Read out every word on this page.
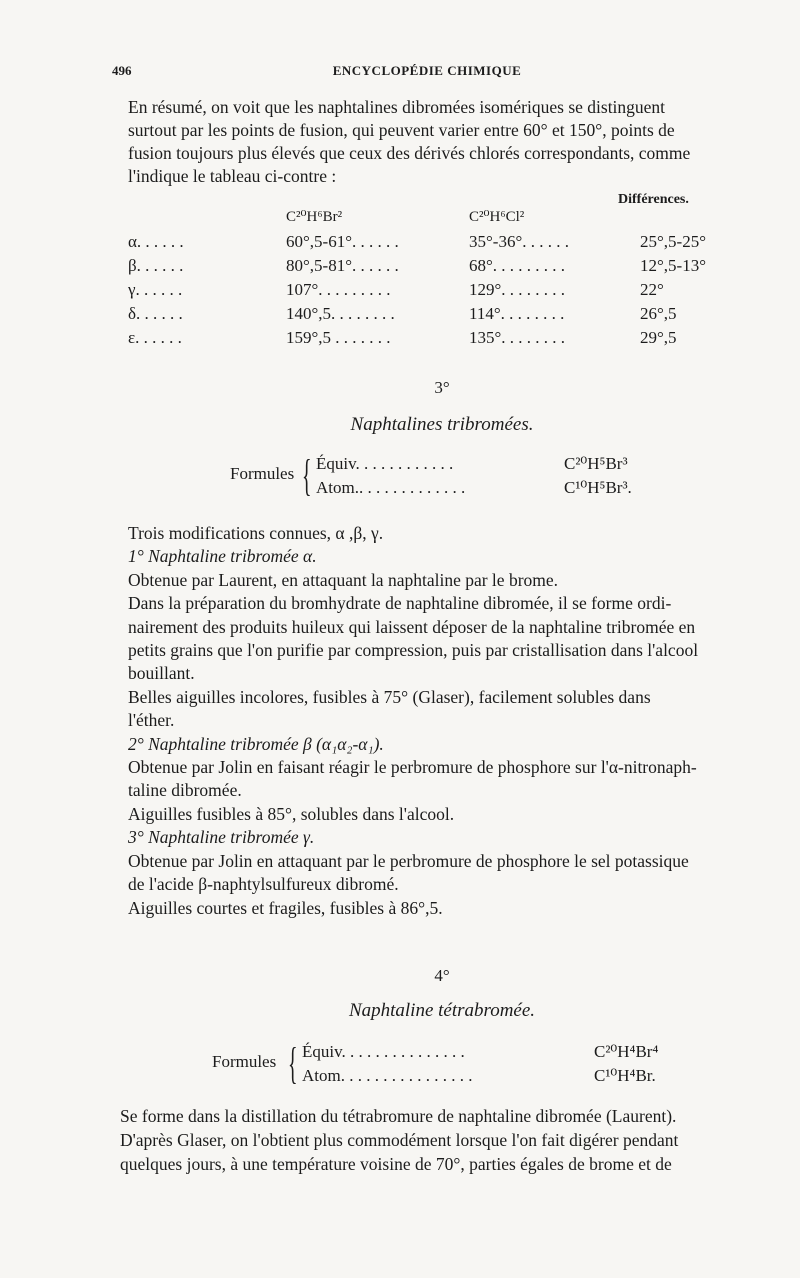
496	ENCYCLOPÉDIE CHIMIQUE
En résumé, on voit que les naphtalines dibromées isomériques se distinguent
surtout par les points de fusion, qui peuvent varier entre 60° et 150°, points de
fusion toujours plus élevés que ceux des dérivés chlorés correspondants, comme
l'indique le tableau ci-contre :
Différences.
C²⁰H⁶Br²	C²⁰H⁶Cl²
α. . . . . .	60°,5-61°. . . . . .	35°-36°. . . . . .	25°,5-25°
β. . . . . .	80°,5-81°. . . . . .	68°. . . . . . . . .	12°,5-13°
γ. . . . . .	107°. . . . . . . . .	129°. . . . . . . .	22°
δ. . . . . .	140°,5. . . . . . . .	114°. . . . . . . .	26°,5
ε. . . . . .	159°,5 . . . . . . .	135°. . . . . . . .	29°,5
3°
Naphtalines tribromées.
Formules { Équiv. . . . . . . . . . . .	C²⁰H⁵Br³
Atom.. . . . . . . . . . . . .	C¹⁰H⁵Br³.
Trois modifications connues, α ,β, γ.
1° Naphtaline tribromée α.
Obtenue par Laurent, en attaquant la naphtaline par le brome.
Dans la préparation du bromhydrate de naphtaline dibromée, il se forme ordi-
nairement des produits huileux qui laissent déposer de la naphtaline tribromée en
petits grains que l'on purifie par compression, puis par cristallisation dans l'alcool
bouillant.
Belles aiguilles incolores, fusibles à 75° (Glaser), facilement solubles dans
l'éther.
2° Naphtaline tribromée β (α₁α₂-α₁).
Obtenue par Jolin en faisant réagir le perbromure de phosphore sur l'α-nitronaph-
taline dibromée.
Aiguilles fusibles à 85°, solubles dans l'alcool.
3° Naphtaline tribromée γ.
Obtenue par Jolin en attaquant par le perbromure de phosphore le sel potassique
de l'acide β-naphtylsulfureux dibromé.
Aiguilles courtes et fragiles, fusibles à 86°,5.
4°
Naphtaline tétrabromée.
Formules { Équiv. . . . . . . . . . . . . . .	C²⁰H⁴Br⁴
Atom. . . . . . . . . . . . . . . .	C¹⁰H⁴Br.
Se forme dans la distillation du tétrabromure de naphtaline dibromée (Laurent).
D'après Glaser, on l'obtient plus commodément lorsque l'on fait digérer pendant
quelques jours, à une température voisine de 70°, parties égales de brome et de
